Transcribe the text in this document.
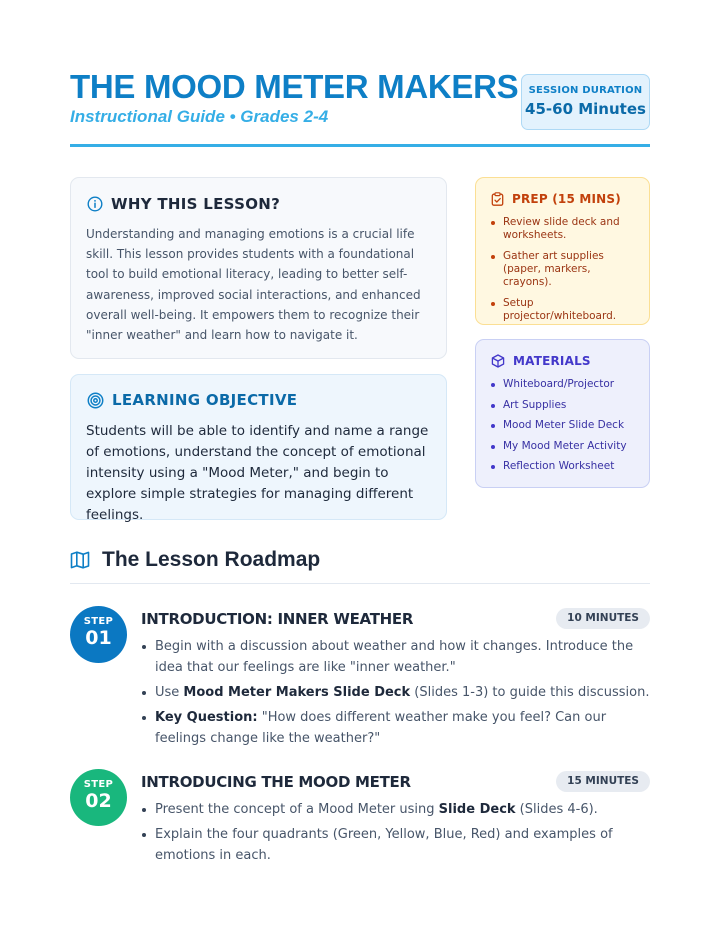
THE MOOD METER MAKERS
Instructional Guide • Grades 2-4
SESSION DURATION
45-60 Minutes
WHY THIS LESSON?
Understanding and managing emotions is a crucial life skill. This lesson provides students with a foundational tool to build emotional literacy, leading to better self-awareness, improved social interactions, and enhanced overall well-being. It empowers them to recognize their "inner weather" and learn how to navigate it.
LEARNING OBJECTIVE
Students will be able to identify and name a range of emotions, understand the concept of emotional intensity using a "Mood Meter," and begin to explore simple strategies for managing different feelings.
PREP (15 MINS)
Review slide deck and worksheets.
Gather art supplies (paper, markers, crayons).
Setup projector/whiteboard.
MATERIALS
Whiteboard/Projector
Art Supplies
Mood Meter Slide Deck
My Mood Meter Activity
Reflection Worksheet
The Lesson Roadmap
STEP
01
INTRODUCTION: INNER WEATHER	10 MINUTES
Begin with a discussion about weather and how it changes. Introduce the idea that our feelings are like "inner weather."
Use Mood Meter Makers Slide Deck (Slides 1-3) to guide this discussion.
Key Question: "How does different weather make you feel? Can our feelings change like the weather?"
STEP
02
INTRODUCING THE MOOD METER	15 MINUTES
Present the concept of a Mood Meter using Slide Deck (Slides 4-6).
Explain the four quadrants (Green, Yellow, Blue, Red) and examples of emotions in each.
